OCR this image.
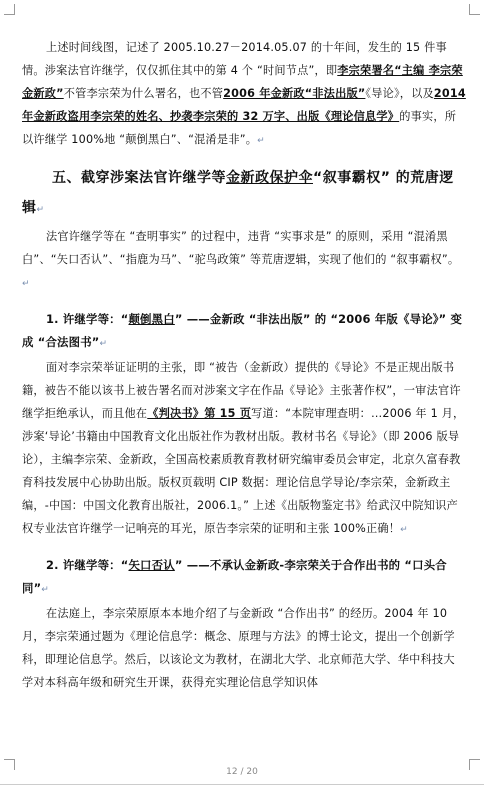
上述时间线图，记述了 2005.10.27－2014.05.07 的十年间，发生的 15 件事情。涉案法官许继学，仅仅抓住其中的第 4 个 “时间节点”，即李宗荣署名“主编 李宗荣 金新政”不管李宗荣为什么署名，也不管2006 年金新政“非法出版”《导论》，以及2014 年金新政盗用李宗荣的姓名、抄袭李宗荣的 32 万字、出版《理论信息学》的事实，所以许继学 100%地 “颠倒黑白”、“混淆是非”。↵

五、截穿涉案法官许继学等金新政保护伞“叙事霸权” 的荒唐逻辑↵

法官许继学等在 “查明事实” 的过程中，违背 “实事求是” 的原则，采用 “混淆黑白”、“矢口否认”、“指鹿为马”、“驼鸟政策” 等荒唐逻辑，实现了他们的 “叙事霸权”。↵

1. 许继学等：“颠倒黑白” ——金新政 “非法出版” 的 “2006 年版《导论》” 变成 “合法图书”↵

面对李宗荣举证证明的主张，即 “被告（金新政）提供的《导论》不是正规出版书籍，被告不能以该书上被告署名而对涉案文字在作品《导论》主张著作权”，一审法官许继学拒绝承认，而且他在《判决书》第 15 页写道：“本院审理查明：…2006 年 1 月，涉案‘导论’书籍由中国教育文化出版社作为教材出版。教材书名《导论》（即 2006 版导论），主编李宗荣、金新政，全国高校素质教育教材研究编审委员会审定，北京久富春教育科技发展中心协助出版。版权页载明 CIP 数据：理论信息学导论/李宗荣，金新政主编，-中国：中国文化教育出版社，2006.1。” 上述《出版物鉴定书》给武汉中院知识产权专业法官许继学一记响亮的耳光，原告李宗荣的证明和主张 100%正确！↵

2. 许继学等：“矢口否认” ——不承认金新政-李宗荣关于合作出书的 “口头合同”↵

在法庭上，李宗荣原原本本地介绍了与金新政 “合作出书” 的经历。2004 年 10 月，李宗荣通过题为《理论信息学：概念、原理与方法》的博士论文，提出一个创新学科，即理论信息学。然后，以该论文为教材，在湖北大学、北京师范大学、华中科技大学对本科高年级和研究生开课，获得充实理论信息学知识体

12 / 20
